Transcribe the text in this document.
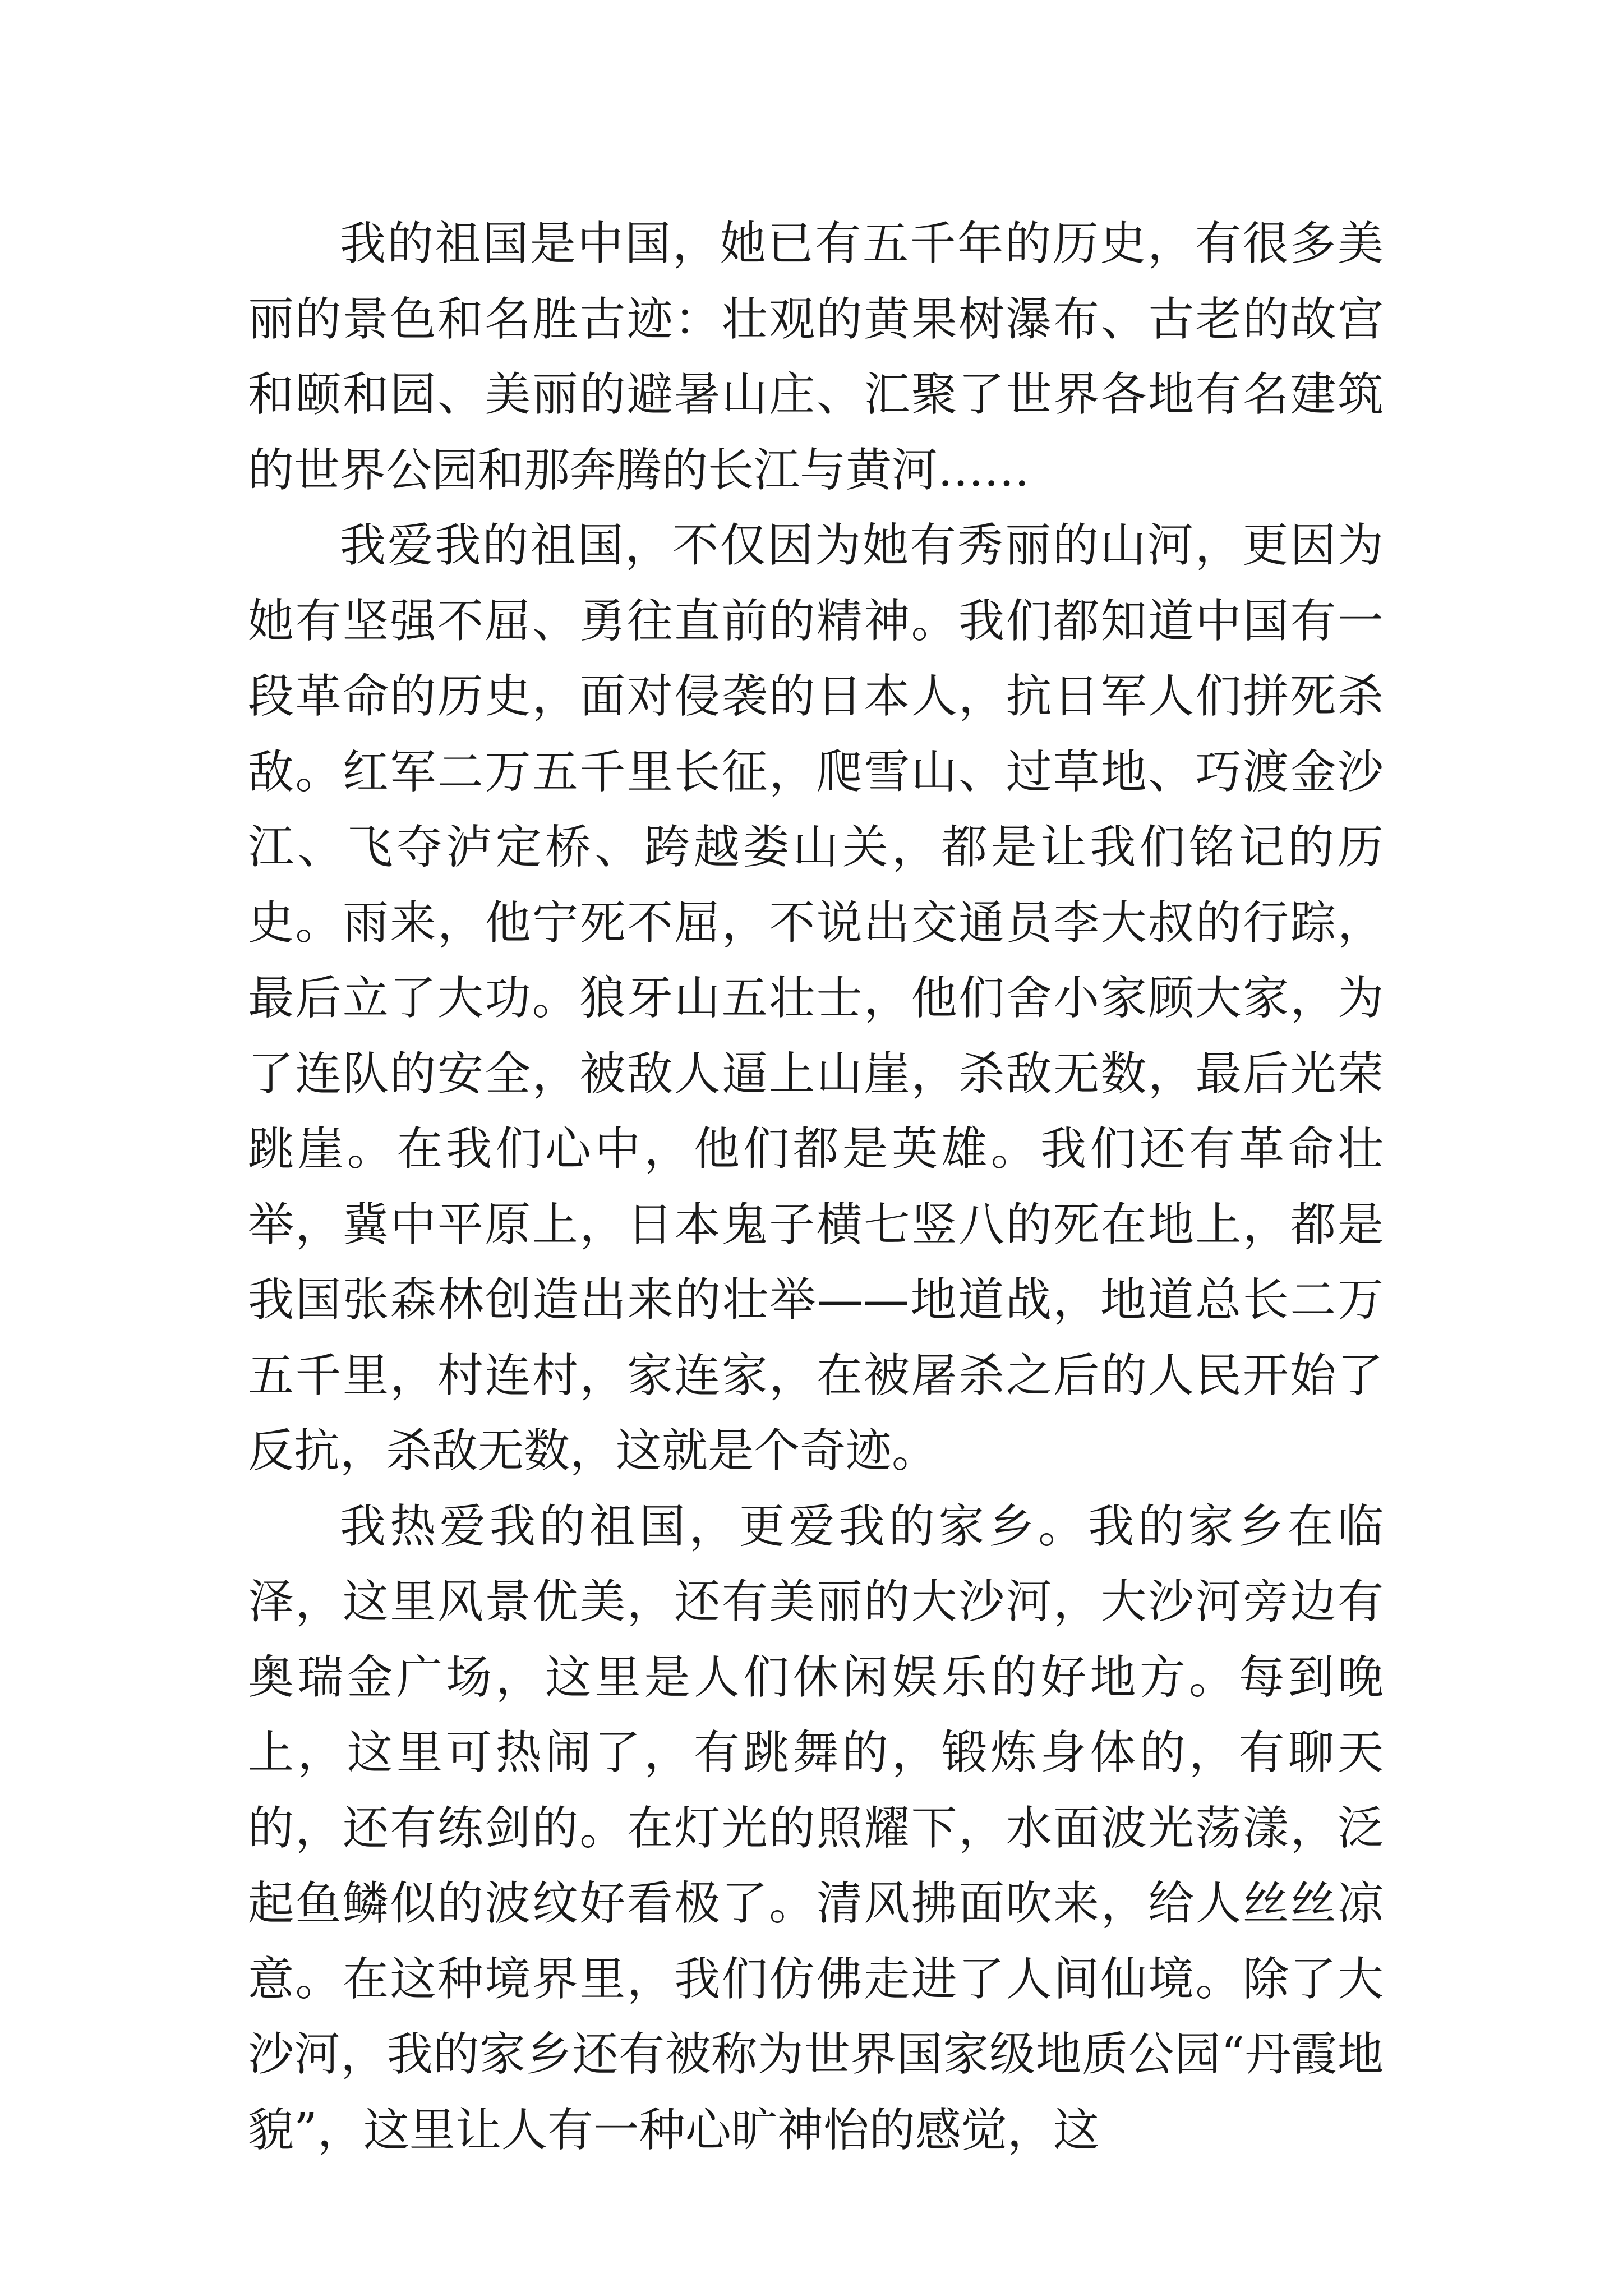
我的祖国是中国，她已有五千年的历史，有很多美丽的景色和名胜古迹：壮观的黄果树瀑布、古老的故宫和颐和园、美丽的避暑山庄、汇聚了世界各地有名建筑的世界公园和那奔腾的长江与黄河……

我爱我的祖国，不仅因为她有秀丽的山河，更因为她有坚强不屈、勇往直前的精神。我们都知道中国有一段革命的历史，面对侵袭的日本人，抗日军人们拼死杀敌。红军二万五千里长征，爬雪山、过草地、巧渡金沙江、飞夺泸定桥、跨越娄山关，都是让我们铭记的历史。雨来，他宁死不屈，不说出交通员李大叔的行踪，最后立了大功。狼牙山五壮士，他们舍小家顾大家，为了连队的安全，被敌人逼上山崖，杀敌无数，最后光荣跳崖。在我们心中，他们都是英雄。我们还有革命壮举，冀中平原上，日本鬼子横七竖八的死在地上，都是我国张森林创造出来的壮举——地道战，地道总长二万五千里，村连村，家连家，在被屠杀之后的人民开始了反抗，杀敌无数，这就是个奇迹。

我热爱我的祖国，更爱我的家乡。我的家乡在临泽，这里风景优美，还有美丽的大沙河，大沙河旁边有奥瑞金广场，这里是人们休闲娱乐的好地方。每到晚上，这里可热闹了，有跳舞的，锻炼身体的，有聊天的，还有练剑的。在灯光的照耀下，水面波光荡漾，泛起鱼鳞似的波纹好看极了。清风拂面吹来，给人丝丝凉意。在这种境界里，我们仿佛走进了人间仙境。除了大沙河，我的家乡还有被称为世界国家级地质公园“丹霞地貌”，这里让人有一种心旷神怡的感觉，这
